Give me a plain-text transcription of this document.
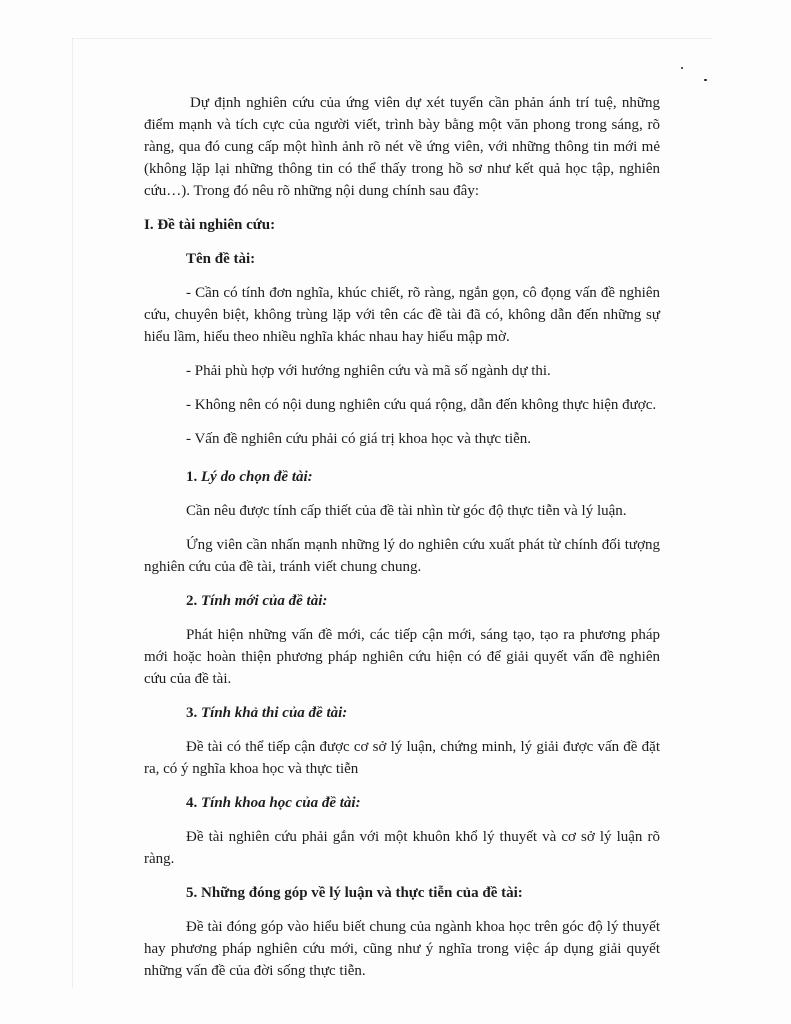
Dự định nghiên cứu của ứng viên dự xét tuyển cần phản ánh trí tuệ, những điểm mạnh và tích cực của người viết, trình bày bằng một văn phong trong sáng, rõ ràng, qua đó cung cấp một hình ảnh rõ nét về ứng viên, với những thông tin mới mẻ (không lặp lại những thông tin có thể thấy trong hồ sơ như kết quả học tập, nghiên cứu…). Trong đó nêu rõ những nội dung chính sau đây:

I. Đề tài nghiên cứu:
Tên đề tài:

- Cần có tính đơn nghĩa, khúc chiết, rõ ràng, ngắn gọn, cô đọng vấn đề nghiên cứu, chuyên biệt, không trùng lặp với tên các đề tài đã có, không dẫn đến những sự hiểu lầm, hiểu theo nhiều nghĩa khác nhau hay hiểu mập mờ.

- Phải phù hợp với hướng nghiên cứu và mã số ngành dự thi.

- Không nên có nội dung nghiên cứu quá rộng, dẫn đến không thực hiện được.

- Vấn đề nghiên cứu phải có giá trị khoa học và thực tiễn.

1. Lý do chọn đề tài:

Cần nêu được tính cấp thiết của đề tài nhìn từ góc độ thực tiễn và lý luận.

Ứng viên cần nhấn mạnh những lý do nghiên cứu xuất phát từ chính đối tượng nghiên cứu của đề tài, tránh viết chung chung.

2. Tính mới của đề tài:

Phát hiện những vấn đề mới, các tiếp cận mới, sáng tạo, tạo ra phương pháp mới hoặc hoàn thiện phương pháp nghiên cứu hiện có để giải quyết vấn đề nghiên cứu của đề tài.

3. Tính khả thi của đề tài:

Đề tài có thể tiếp cận được cơ sở lý luận, chứng minh, lý giải được vấn đề đặt ra, có ý nghĩa khoa học và thực tiễn

4. Tính khoa học của đề tài:

Đề tài nghiên cứu phải gắn với một khuôn khổ lý thuyết và cơ sở lý luận rõ ràng.

5. Những đóng góp về lý luận và thực tiễn của đề tài:

Đề tài đóng góp vào hiểu biết chung của ngành khoa học trên góc độ lý thuyết hay phương pháp nghiên cứu mới, cũng như ý nghĩa trong việc áp dụng giải quyết những vấn đề của đời sống thực tiễn.
